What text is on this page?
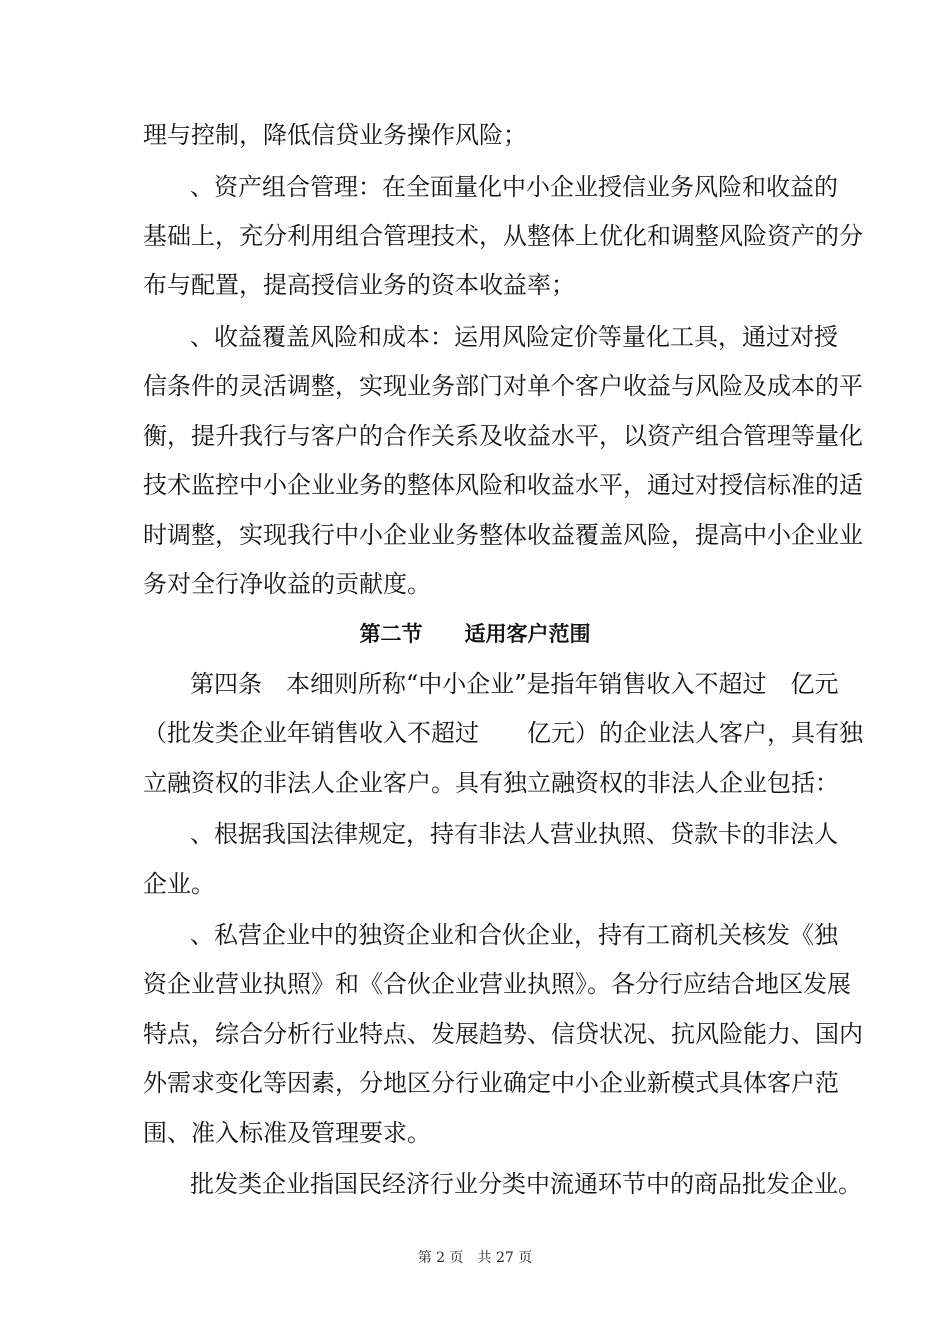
理与控制，降低信贷业务操作风险；
、资产组合管理：在全面量化中小企业授信业务风险和收益的
基础上，充分利用组合管理技术，从整体上优化和调整风险资产的分
布与配置，提高授信业务的资本收益率；
、收益覆盖风险和成本：运用风险定价等量化工具，通过对授
信条件的灵活调整，实现业务部门对单个客户收益与风险及成本的平
衡，提升我行与客户的合作关系及收益水平，以资产组合管理等量化
技术监控中小企业业务的整体风险和收益水平，通过对授信标准的适
时调整，实现我行中小企业业务整体收益覆盖风险，提高中小企业业
务对全行净收益的贡献度。
第二节　　适用客户范围
第四条　本细则所称“中小企业”是指年销售收入不超过　亿元
（批发类企业年销售收入不超过　　亿元）的企业法人客户，具有独
立融资权的非法人企业客户。具有独立融资权的非法人企业包括：
、根据我国法律规定，持有非法人营业执照、贷款卡的非法人
企业。
、私营企业中的独资企业和合伙企业，持有工商机关核发《独
资企业营业执照》和《合伙企业营业执照》。各分行应结合地区发展
特点，综合分析行业特点、发展趋势、信贷状况、抗风险能力、国内
外需求变化等因素，分地区分行业确定中小企业新模式具体客户范
围、准入标准及管理要求。
批发类企业指国民经济行业分类中流通环节中的商品批发企业。
第 2 页　共 27 页
